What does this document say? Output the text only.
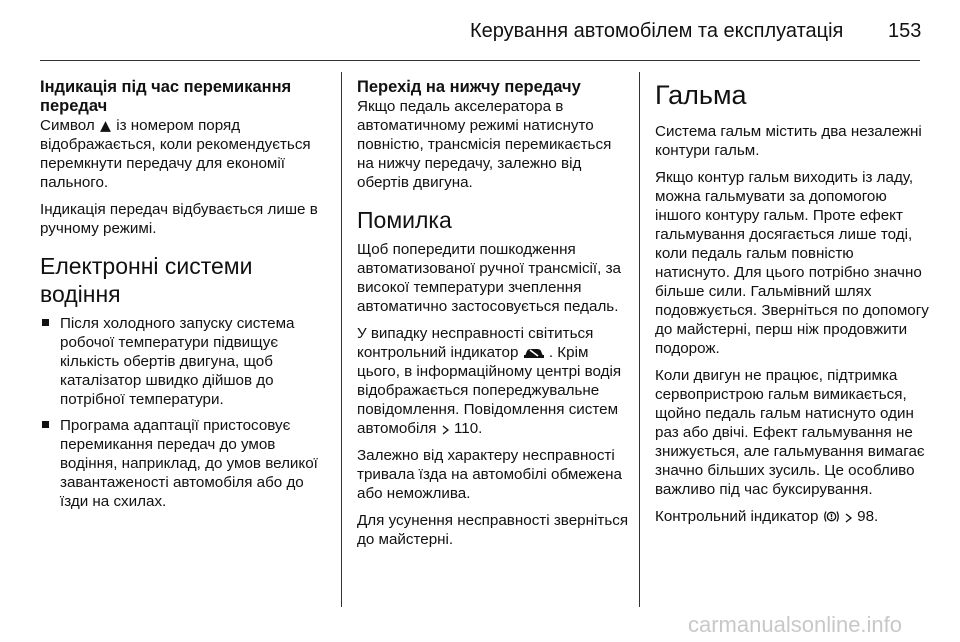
Керування автомобілем та експлуатація 153
Індикація під час перемикання передач

Символ із номером поряд відображається, коли рекомендується перемкнути передачу для економії пального.

Індикація передач відбувається лише в ручному режимі.

Електронні системи водіння
Після холодного запуску система робочої температури підвищує кількість обертів двигуна, щоб каталізатор швидко дійшов до потрібної температури.
Програма адаптації пристосовує перемикання передач до умов водіння, наприклад, до умов великої завантаженості автомобіля або до їзди на схилах.
Перехід на нижчу передачу

Якщо педаль акселератора в автоматичному режимі натиснуто повністю, трансмісія перемикається на нижчу передачу, залежно від обертів двигуна.

Помилка

Щоб попередити пошкодження автоматизованої ручної трансмісії, за високої температури зчеплення автоматично застосовується педаль.

У випадку несправності світиться контрольний індикатор . Крім цього, в інформаційному центрі водія відображається попереджувальне повідомлення. Повідомлення систем автомобіля 110.

Залежно від характеру несправності тривала їзда на автомобілі обмежена або неможлива.

Для усунення несправності зверніться до майстерні.

Гальма

Система гальм містить два незалежні контури гальм.

Якщо контур гальм виходить із ладу, можна гальмувати за допомогою іншого контуру гальм. Проте ефект гальмування досягається лише тоді, коли педаль гальм повністю натиснуто. Для цього потрібно значно більше сили. Гальмівний шлях подовжується. Зверніться по допомогу до майстерні, перш ніж продовжити подорож.

Коли двигун не працює, підтримка сервопристрою гальм вимикається, щойно педаль гальм натиснуто один раз або двічі. Ефект гальмування не знижується, але гальмування вимагає значно більших зусиль. Це особливо важливо під час буксирування.

Контрольний індикатор	98.

carmanualsonline.info
